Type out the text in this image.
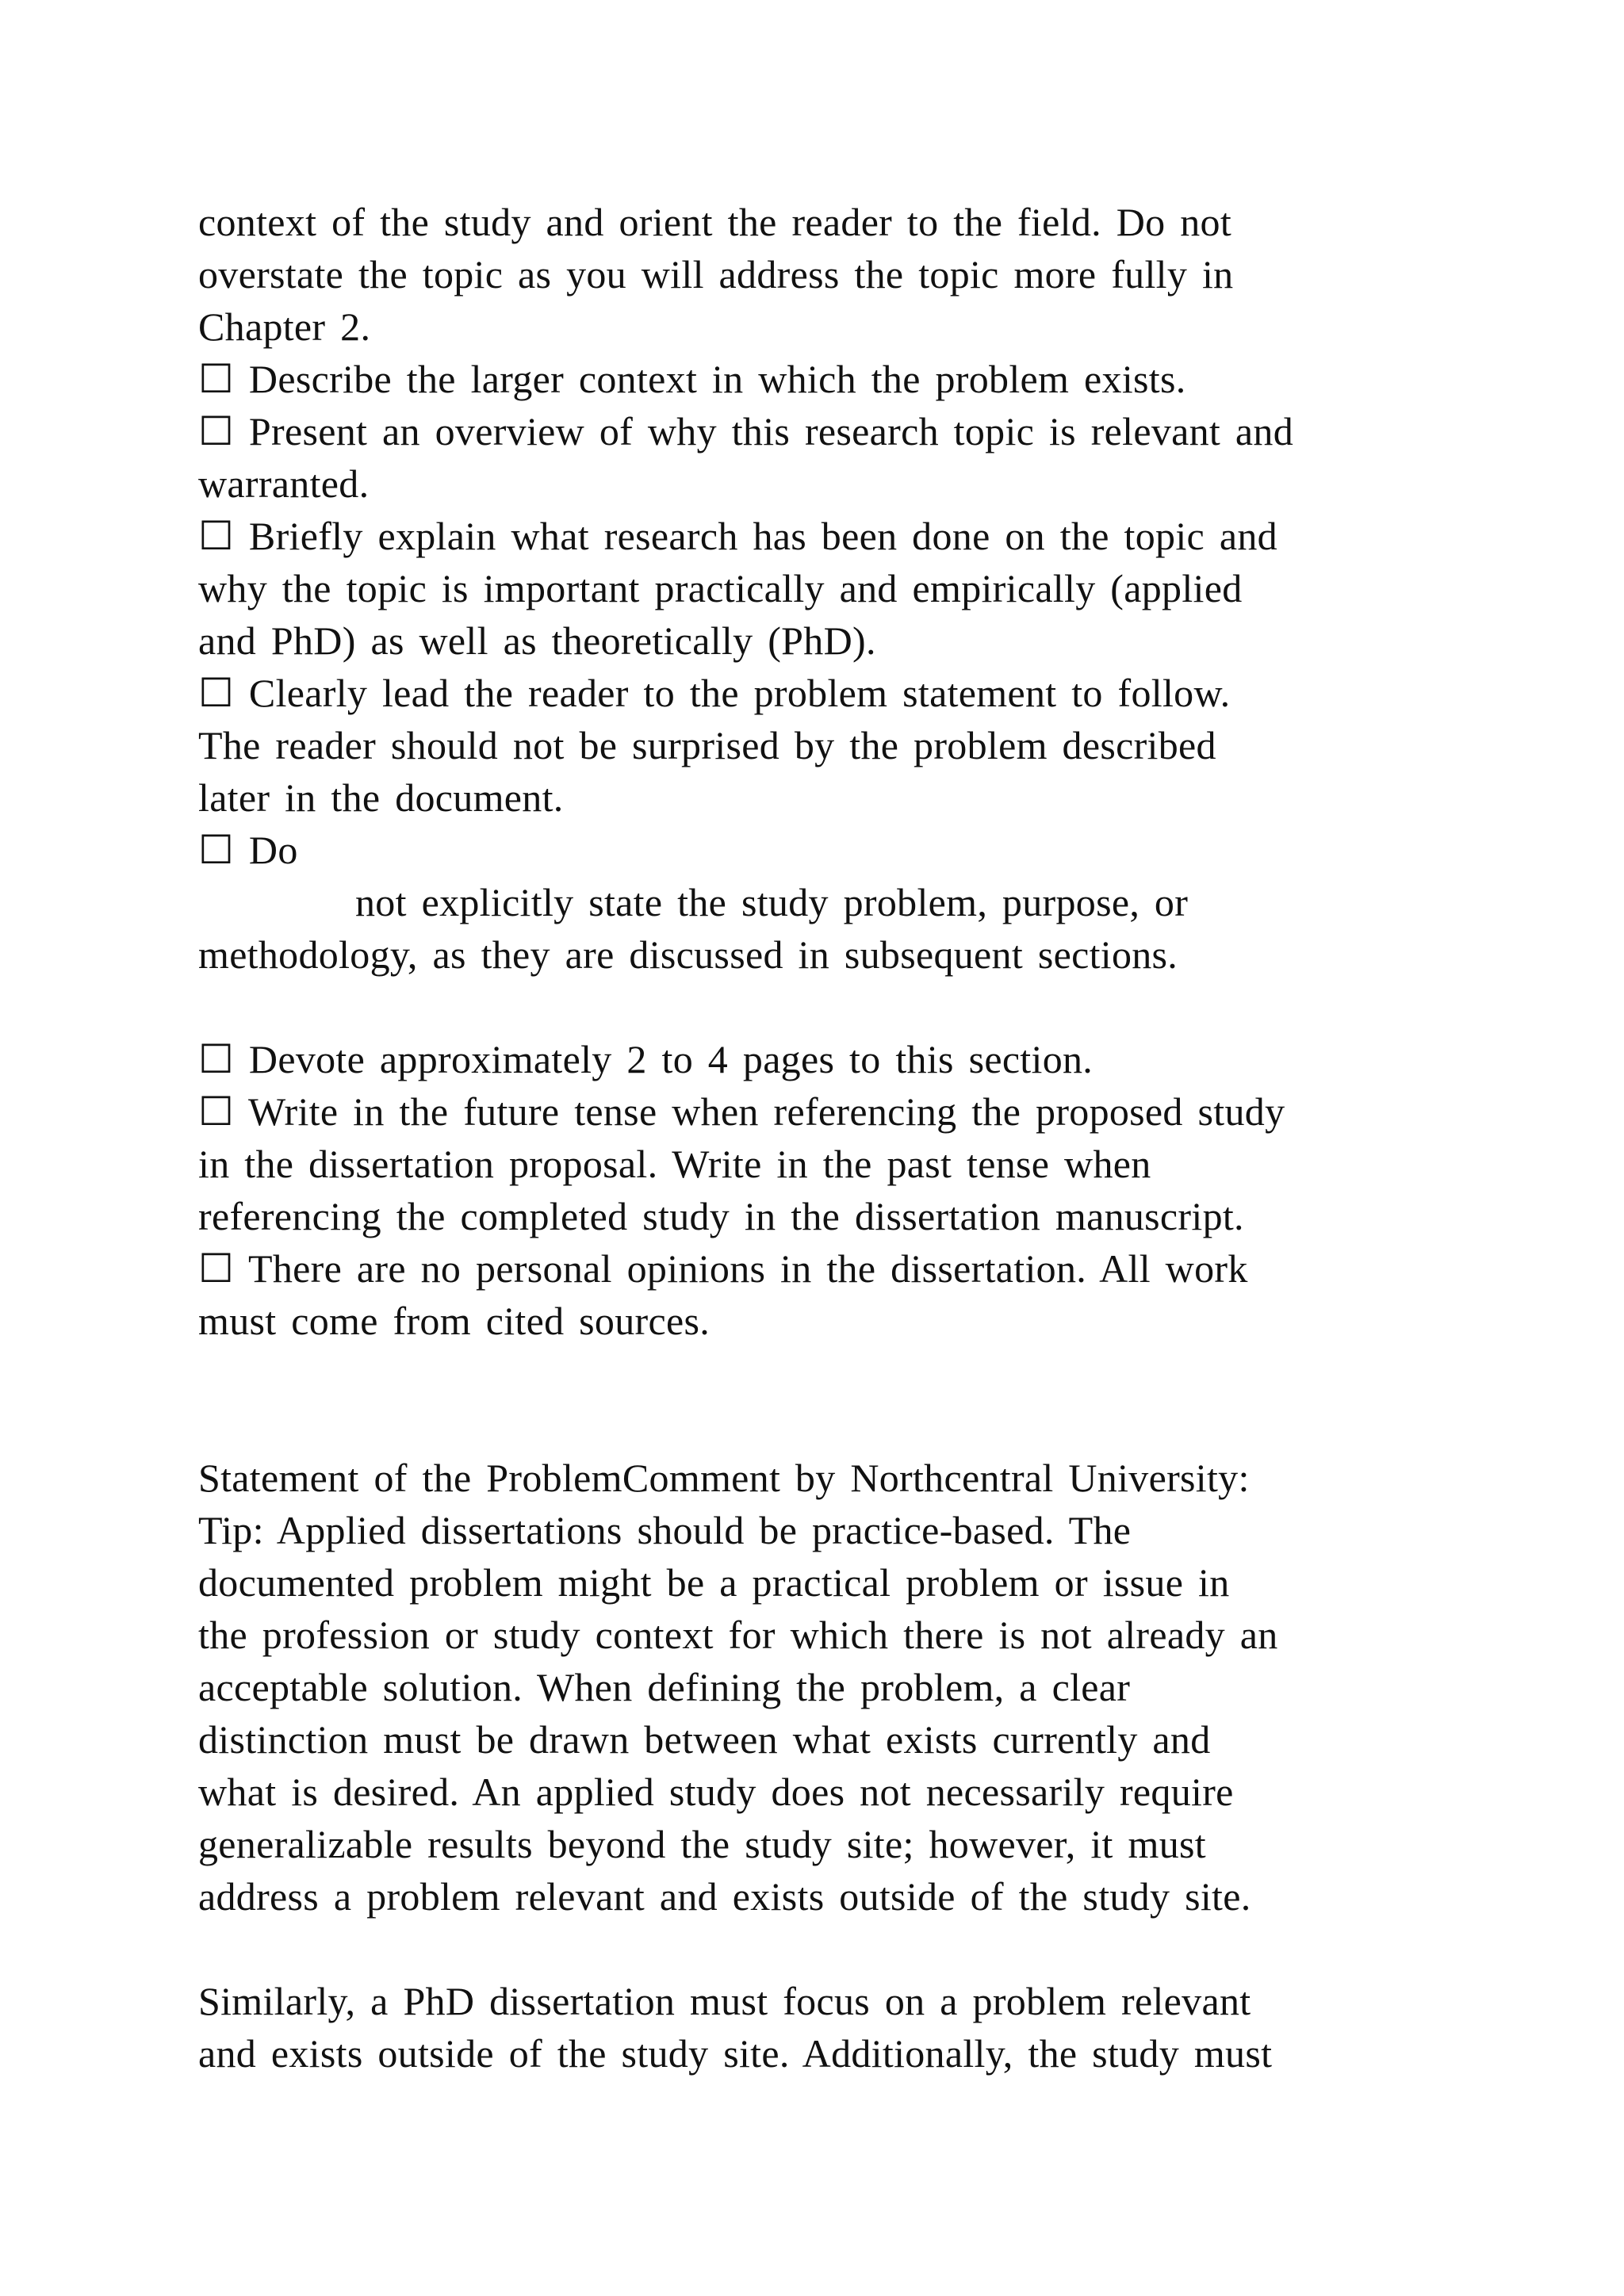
context of the study and orient the reader to the field. Do not
overstate the topic as you will address the topic more fully in
Chapter 2.
☐ Describe the larger context in which the problem exists.
☐ Present an overview of why this research topic is relevant and
warranted.
☐ Briefly explain what research has been done on the topic and
why the topic is important practically and empirically (applied
and PhD) as well as theoretically (PhD).
☐ Clearly lead the reader to the problem statement to follow.
The reader should not be surprised by the problem described
later in the document.
☐ Do
not explicitly state the study problem, purpose, or
methodology, as they are discussed in subsequent sections.
☐ Devote approximately 2 to 4 pages to this section.
☐ Write in the future tense when referencing the proposed study
in the dissertation proposal. Write in the past tense when
referencing the completed study in the dissertation manuscript.
☐ There are no personal opinions in the dissertation. All work
must come from cited sources.
Statement of the ProblemComment by Northcentral University:
Tip: Applied dissertations should be practice-based. The
documented problem might be a practical problem or issue in
the profession or study context for which there is not already an
acceptable solution. When defining the problem, a clear
distinction must be drawn between what exists currently and
what is desired. An applied study does not necessarily require
generalizable results beyond the study site; however, it must
address a problem relevant and exists outside of the study site.
Similarly, a PhD dissertation must focus on a problem relevant
and exists outside of the study site. Additionally, the study must
